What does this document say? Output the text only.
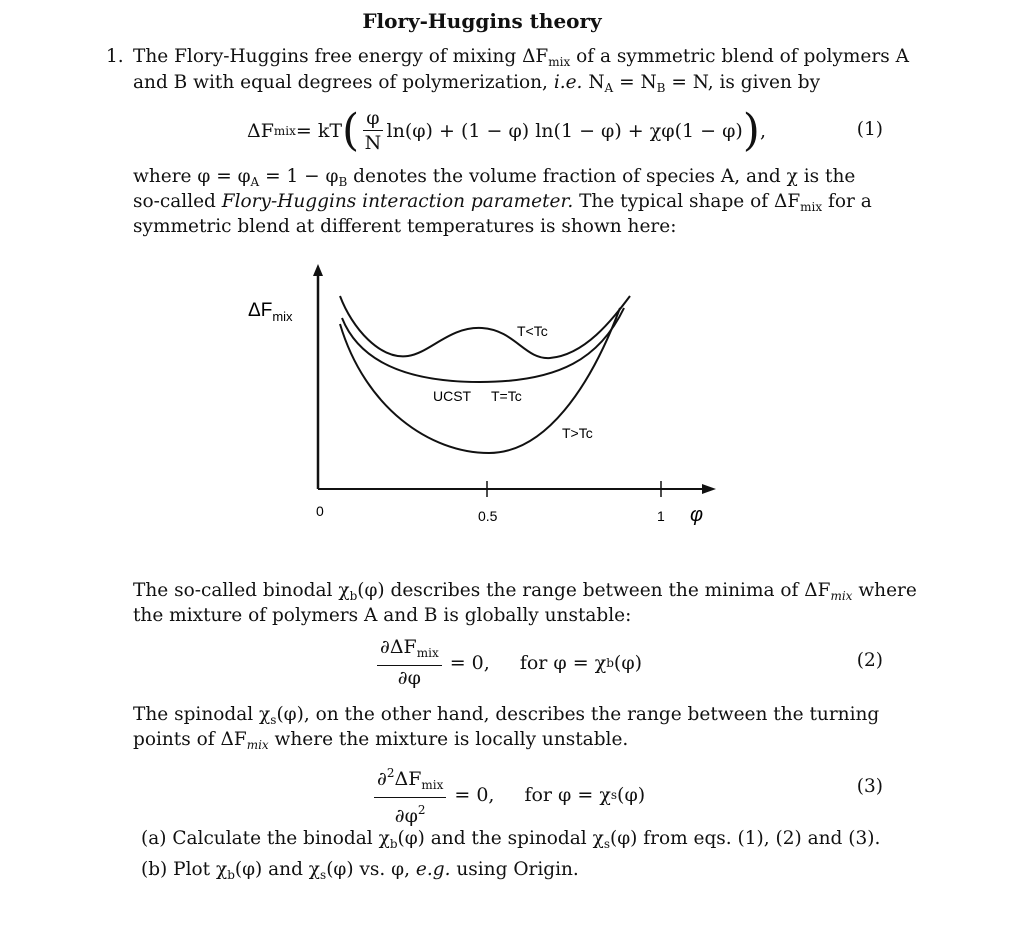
Flory-Huggins theory
1. The Flory-Huggins free energy of mixing $\Delta F_{mix}$ of a symmetric blend of polymers A
and B with equal degrees of polymerization, i.e. $N_A = N_B = N$, is given by
ΔF mix = kT ( $\frac{\varphi}{N} \ln(\varphi) + (1 - \varphi) \ln(1 - \varphi) + \chi\varphi(1 - \varphi)$ ) ,	(1)
where $\varphi = \varphi_A = 1 - \varphi_B$ denotes the volume fraction of species A, and χ is the
so-called Flory-Huggins interaction parameter. The typical shape of $\Delta F_{mix}$ for a
symmetric blend at different temperatures is shown here:
$\Delta F_{mix}$
T<Tc
UCST T=Tc
T>Tc
0	0.5	1 φ
The so-called binodal $\chi_b(\varphi)$ describes the range between the minima of $\Delta F_{mix}$ where
the mixture of polymers A and B is globally unstable:
$\frac{\partial\Delta F_{mix}}{\partial\varphi} = 0$, for φ = χ b (φ)	(2)
The spinodal $\chi_s(\varphi)$, on the other hand, describes the range between the turning
points of $\Delta F_{mix}$ where the mixture is locally unstable.
$\frac{\partial^2\Delta F_{mix}}{\partial\varphi^2} = 0$, for φ = χ s (φ)	(3)
(a) Calculate the binodal $\chi_b(\varphi)$ and the spinodal $\chi_s(\varphi)$ from eqs. (1), (2) and (3).
(b) Plot $\chi_b(\varphi)$ and $\chi_s(\varphi)$ vs. φ, e.g. using Origin.
